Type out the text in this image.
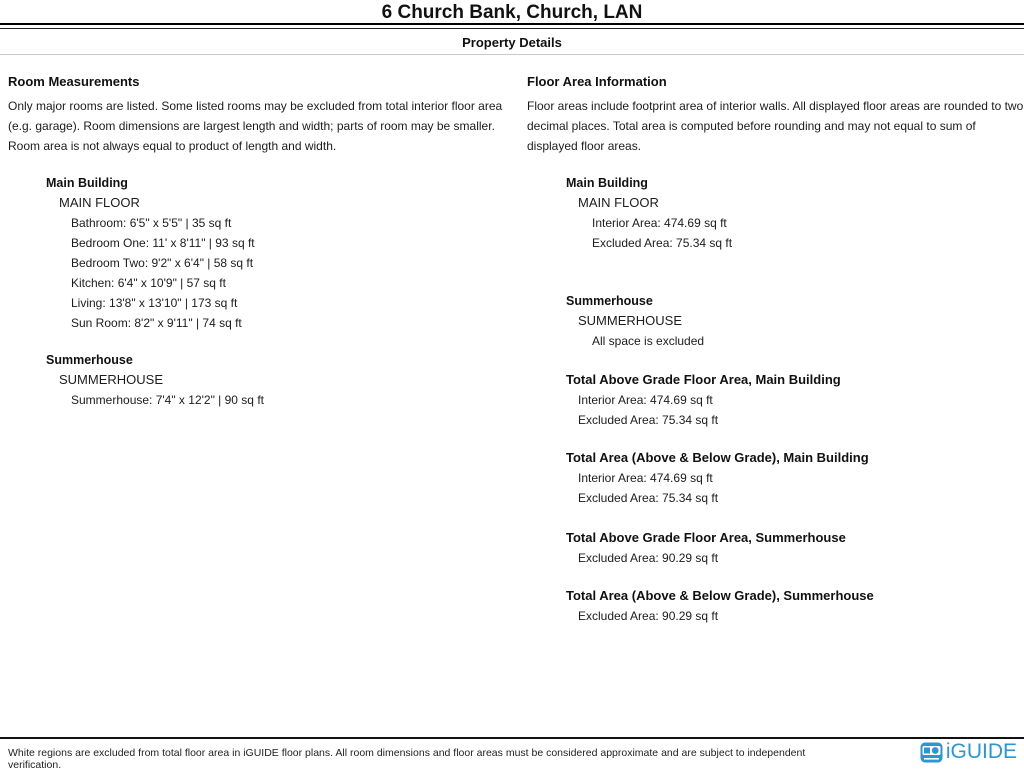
6 Church Bank, Church, LAN
Property Details
Room Measurements
Only major rooms are listed. Some listed rooms may be excluded from total interior floor area (e.g. garage). Room dimensions are largest length and width; parts of room may be smaller. Room area is not always equal to product of length and width.
Main Building
MAIN FLOOR
Bathroom: 6'5" x 5'5" | 35 sq ft
Bedroom One: 11' x 8'11" | 93 sq ft
Bedroom Two: 9'2" x 6'4" | 58 sq ft
Kitchen: 6'4" x 10'9" | 57 sq ft
Living: 13'8" x 13'10" | 173 sq ft
Sun Room: 8'2" x 9'11" | 74 sq ft
Summerhouse
SUMMERHOUSE
Summerhouse: 7'4" x 12'2" | 90 sq ft
Floor Area Information
Floor areas include footprint area of interior walls. All displayed floor areas are rounded to two decimal places. Total area is computed before rounding and may not equal to sum of displayed floor areas.
Main Building
MAIN FLOOR
Interior Area: 474.69 sq ft
Excluded Area: 75.34 sq ft
Summerhouse
SUMMERHOUSE
All space is excluded
Total Above Grade Floor Area, Main Building
Interior Area: 474.69 sq ft
Excluded Area: 75.34 sq ft
Total Area (Above & Below Grade), Main Building
Interior Area: 474.69 sq ft
Excluded Area: 75.34 sq ft
Total Above Grade Floor Area, Summerhouse
Excluded Area: 90.29 sq ft
Total Area (Above & Below Grade), Summerhouse
Excluded Area: 90.29 sq ft
White regions are excluded from total floor area in iGUIDE floor plans. All room dimensions and floor areas must be considered approximate and are subject to independent verification.
iGUIDE
